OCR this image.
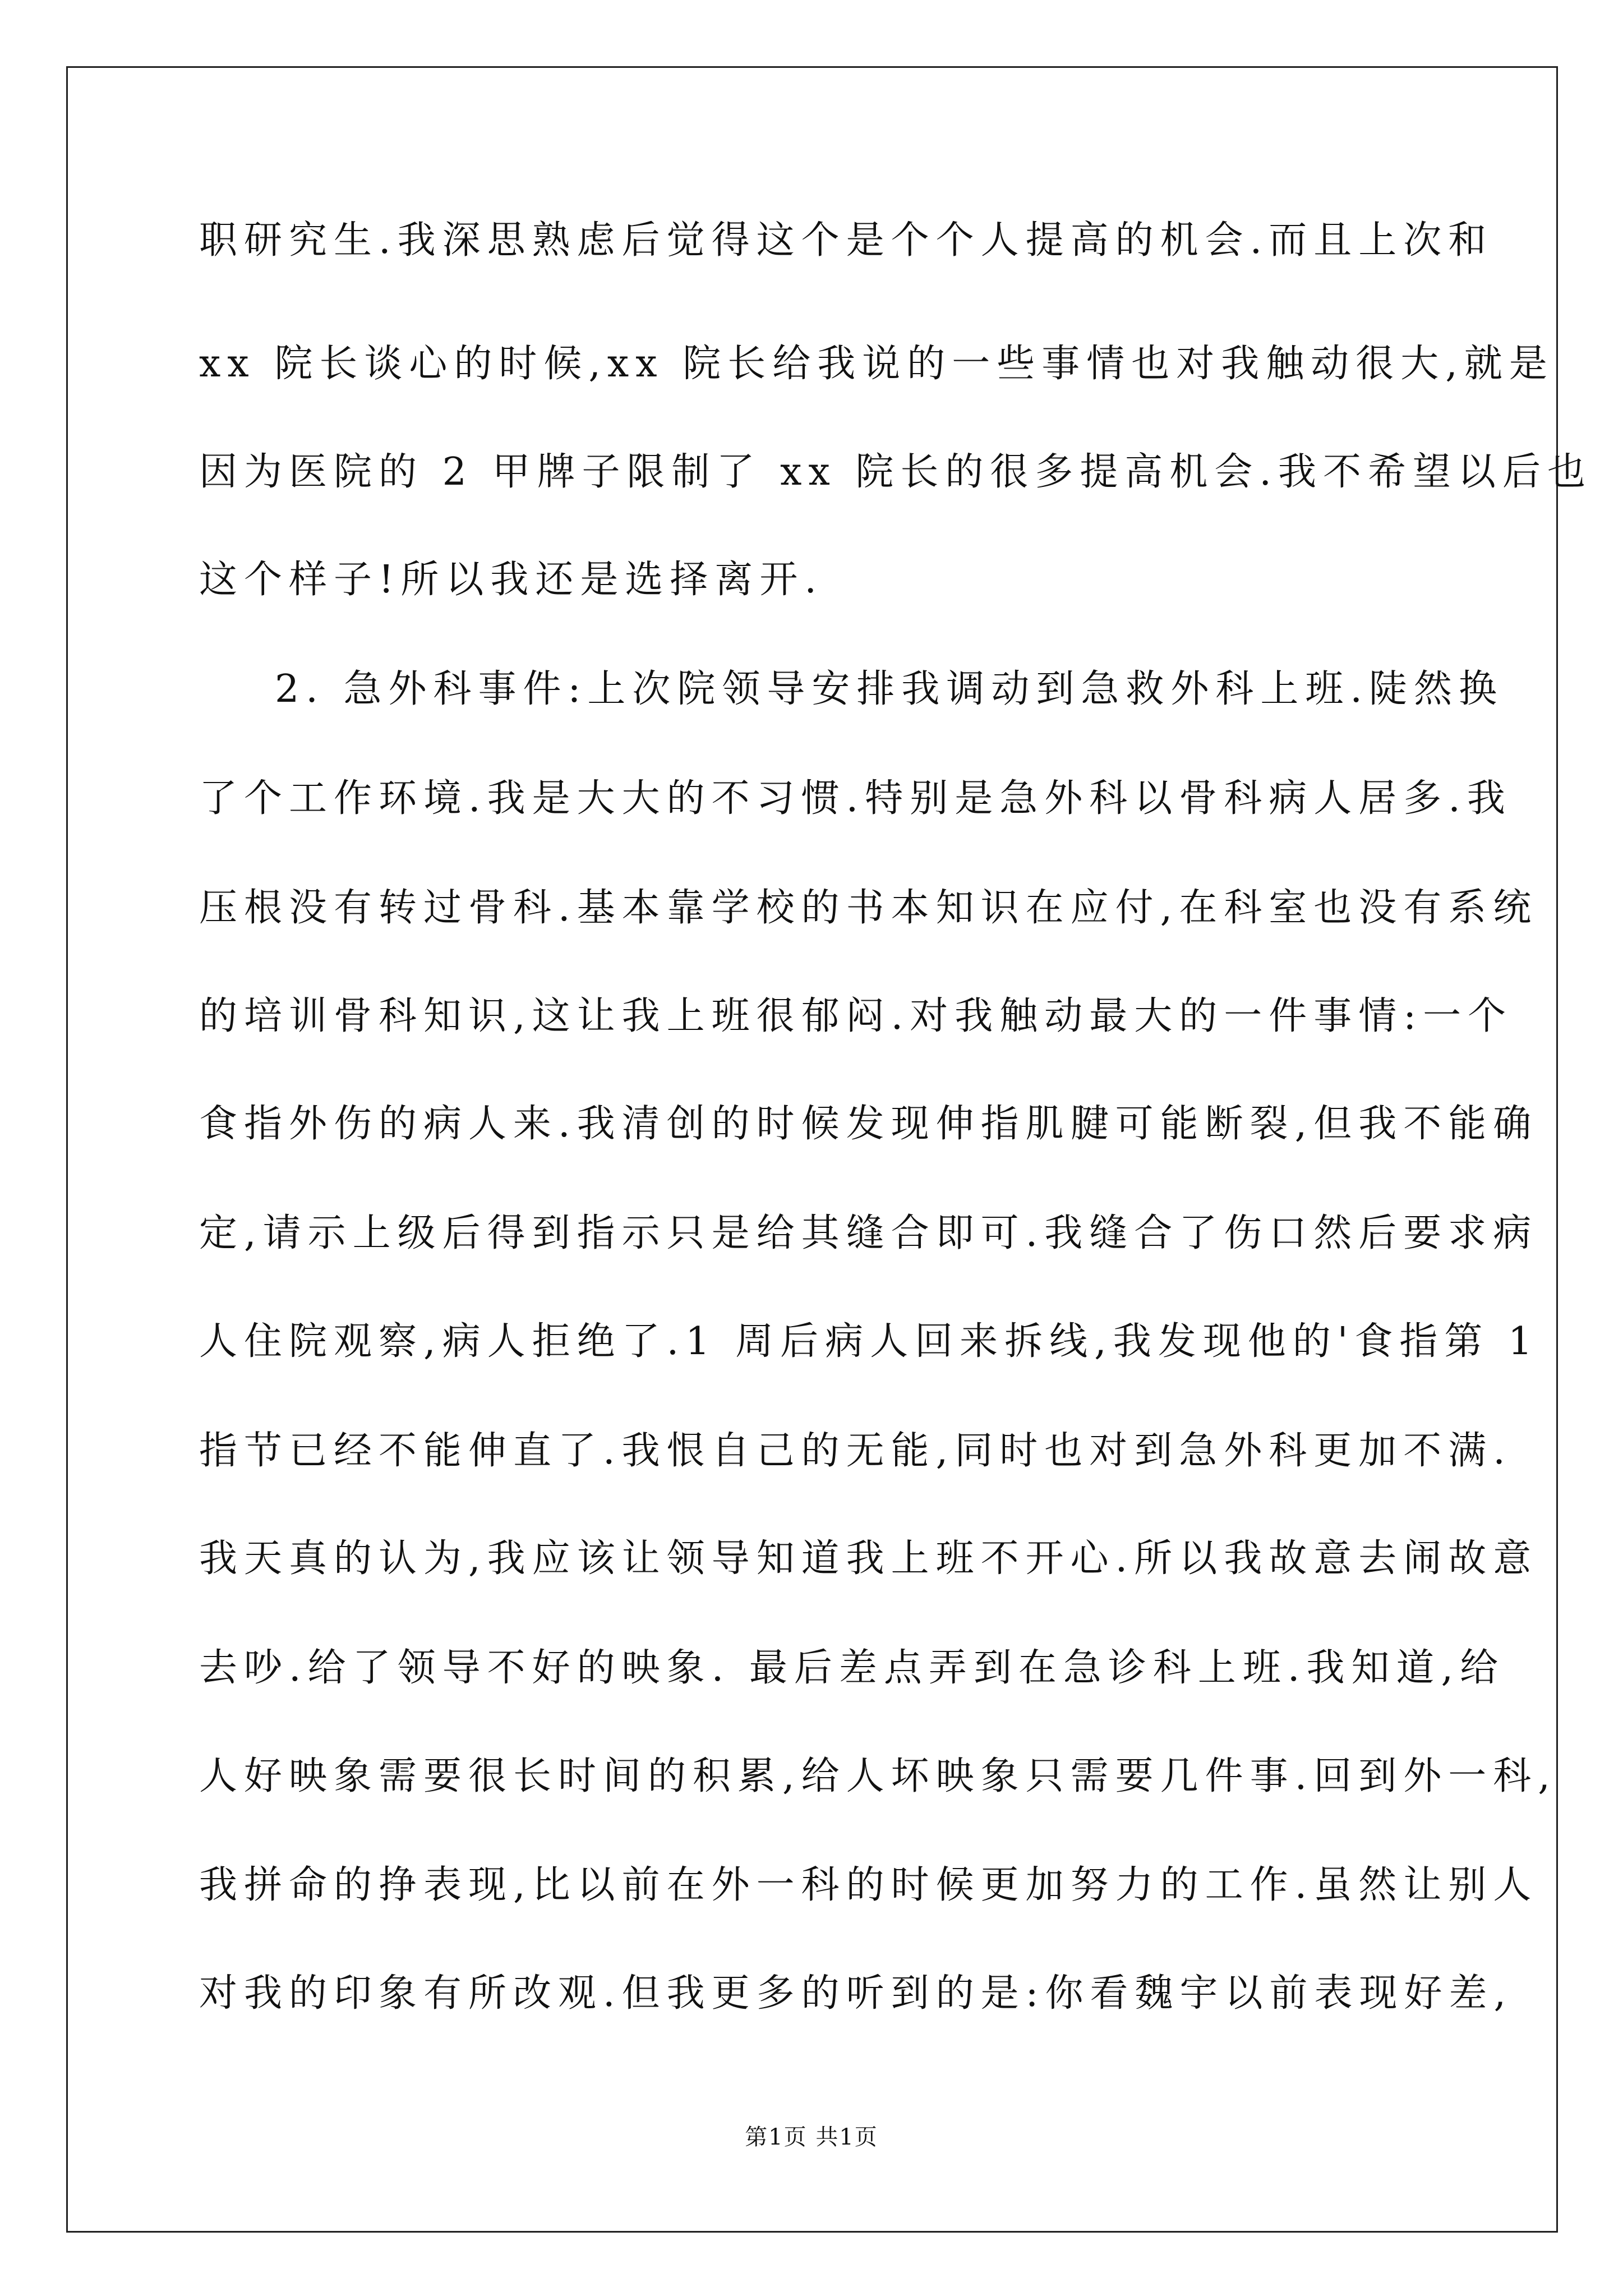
职研究生.我深思熟虑后觉得这个是个个人提高的机会.而且上次和
xx 院长谈心的时候,xx 院长给我说的一些事情也对我触动很大,就是
因为医院的 2 甲牌子限制了 xx 院长的很多提高机会.我不希望以后也
这个样子!所以我还是选择离开.
2. 急外科事件:上次院领导安排我调动到急救外科上班.陡然换
了个工作环境.我是大大的不习惯.特别是急外科以骨科病人居多.我
压根没有转过骨科.基本靠学校的书本知识在应付,在科室也没有系统
的培训骨科知识,这让我上班很郁闷.对我触动最大的一件事情:一个
食指外伤的病人来.我清创的时候发现伸指肌腱可能断裂,但我不能确
定,请示上级后得到指示只是给其缝合即可.我缝合了伤口然后要求病
人住院观察,病人拒绝了.1 周后病人回来拆线,我发现他的'食指第 1
指节已经不能伸直了.我恨自己的无能,同时也对到急外科更加不满.
我天真的认为,我应该让领导知道我上班不开心.所以我故意去闹故意
去吵.给了领导不好的映象. 最后差点弄到在急诊科上班.我知道,给
人好映象需要很长时间的积累,给人坏映象只需要几件事.回到外一科,
我拼命的挣表现,比以前在外一科的时候更加努力的工作.虽然让别人
对我的印象有所改观.但我更多的听到的是:你看魏宇以前表现好差,
第1页 共1页
